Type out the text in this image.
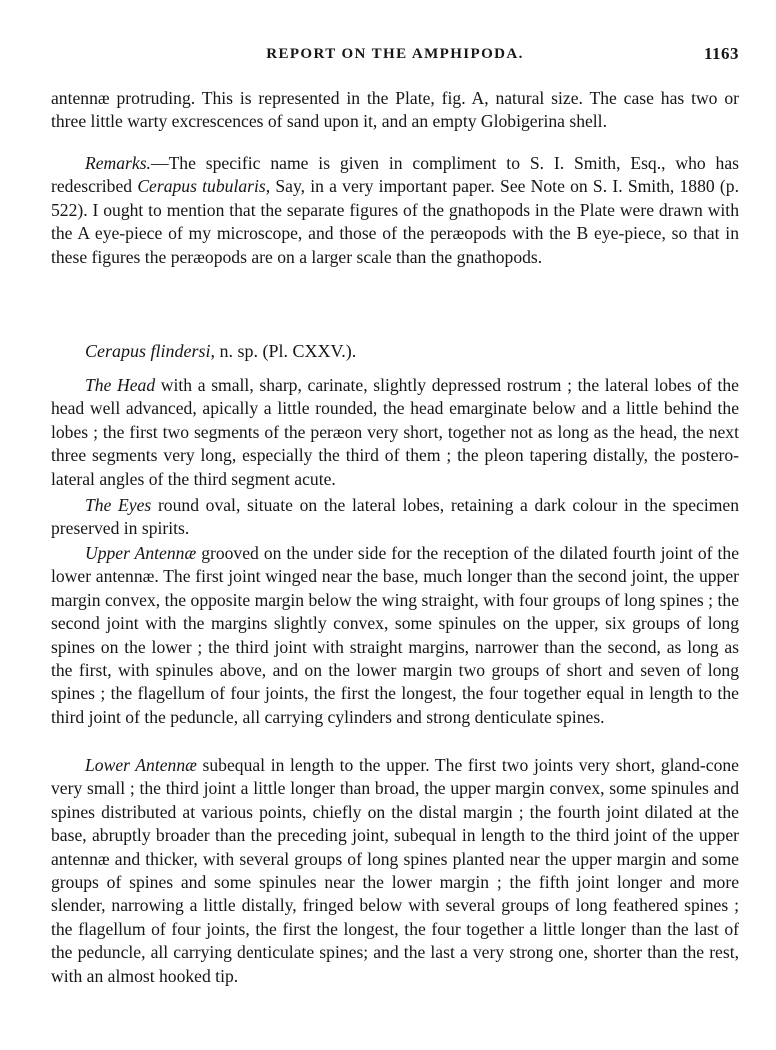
REPORT ON THE AMPHIPODA.	1163

antennæ protruding. This is represented in the Plate, fig. A, natural size. The case has two or three little warty excrescences of sand upon it, and an empty Globigerina shell.

Remarks.—The specific name is given in compliment to S. I. Smith, Esq., who has redescribed Cerapus tubularis, Say, in a very important paper. See Note on S. I. Smith, 1880 (p. 522). I ought to mention that the separate figures of the gnathopods in the Plate were drawn with the A eye-piece of my microscope, and those of the peræopods with the B eye-piece, so that in these figures the peræopods are on a larger scale than the gnathopods.

Cerapus flindersi, n. sp. (Pl. CXXV.).

The Head with a small, sharp, carinate, slightly depressed rostrum ; the lateral lobes of the head well advanced, apically a little rounded, the head emarginate below and a little behind the lobes ; the first two segments of the peræon very short, together not as long as the head, the next three segments very long, especially the third of them ; the pleon tapering distally, the postero-lateral angles of the third segment acute.

The Eyes round oval, situate on the lateral lobes, retaining a dark colour in the specimen preserved in spirits.

Upper Antennæ grooved on the under side for the reception of the dilated fourth joint of the lower antennæ. The first joint winged near the base, much longer than the second joint, the upper margin convex, the opposite margin below the wing straight, with four groups of long spines ; the second joint with the margins slightly convex, some spinules on the upper, six groups of long spines on the lower ; the third joint with straight margins, narrower than the second, as long as the first, with spinules above, and on the lower margin two groups of short and seven of long spines ; the flagellum of four joints, the first the longest, the four together equal in length to the third joint of the peduncle, all carrying cylinders and strong denticulate spines.

Lower Antennæ subequal in length to the upper. The first two joints very short, gland-cone very small ; the third joint a little longer than broad, the upper margin convex, some spinules and spines distributed at various points, chiefly on the distal margin ; the fourth joint dilated at the base, abruptly broader than the preceding joint, subequal in length to the third joint of the upper antennæ and thicker, with several groups of long spines planted near the upper margin and some groups of spines and some spinules near the lower margin ; the fifth joint longer and more slender, narrowing a little distally, fringed below with several groups of long feathered spines ; the flagellum of four joints, the first the longest, the four together a little longer than the last of the peduncle, all carrying denticulate spines; and the last a very strong one, shorter than the rest, with an almost hooked tip.
